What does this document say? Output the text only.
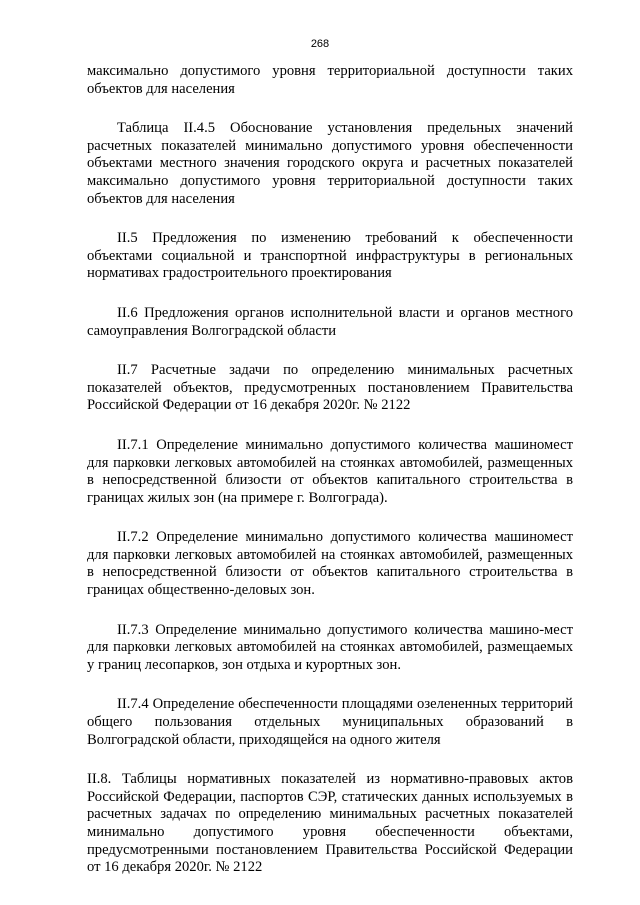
268

максимально допустимого уровня территориальной доступности таких объектов для населения

Таблица II.4.5 Обоснование установления предельных значений расчетных показателей минимально допустимого уровня обеспеченности объектами местного значения городского округа и расчетных показателей максимально допустимого уровня территориальной доступности таких объектов для населения

II.5 Предложения по изменению требований к обеспеченности объектами социальной и транспортной инфраструктуры в региональных нормативах градостроительного проектирования

II.6 Предложения органов исполнительной власти и органов местного самоуправления Волгоградской области

II.7 Расчетные задачи по определению минимальных расчетных показателей объектов, предусмотренных постановлением Правительства Российской Федерации от 16 декабря 2020г. № 2122

II.7.1 Определение минимально допустимого количества машиномест для парковки легковых автомобилей на стоянках автомобилей, размещенных в непосредственной близости от объектов капитального строительства в границах жилых зон (на примере г. Волгограда).

II.7.2 Определение минимально допустимого количества машиномест для парковки легковых автомобилей на стоянках автомобилей, размещенных в непосредственной близости от объектов капитального строительства в границах общественно-деловых зон.

II.7.3 Определение минимально допустимого количества машино-мест для парковки легковых автомобилей на стоянках автомобилей, размещаемых у границ лесопарков, зон отдыха и курортных зон.

II.7.4 Определение обеспеченности площадями озелененных территорий общего пользования отдельных муниципальных образований в Волгоградской области, приходящейся на одного жителя

II.8. Таблицы нормативных показателей из нормативно-правовых актов Российской Федерации, паспортов СЭР, статических данных используемых в расчетных задачах по определению минимальных расчетных показателей минимально допустимого уровня обеспеченности объектами, предусмотренными постановлением Правительства Российской Федерации от 16 декабря 2020г. № 2122
